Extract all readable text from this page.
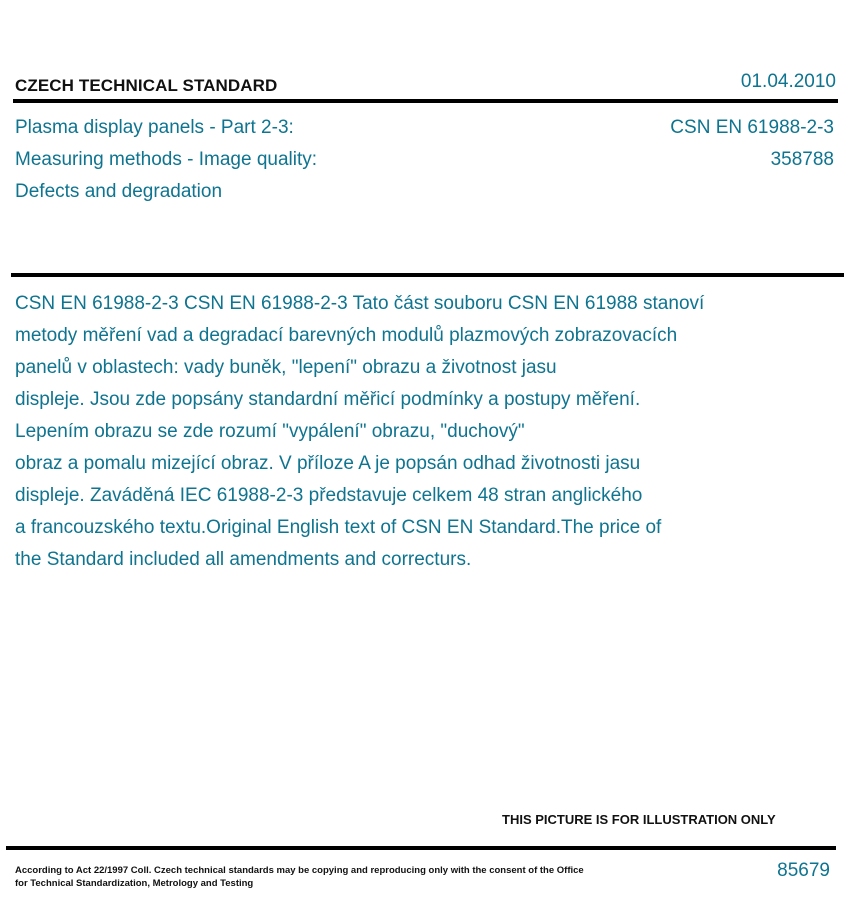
CZECH TECHNICAL STANDARD	01.04.2010
Plasma display panels - Part 2-3:
Measuring methods - Image quality:
Defects and degradation
CSN EN 61988-2-3
358788
CSN EN 61988-2-3 CSN EN 61988-2-3 Tato část souboru CSN EN 61988 stanoví
metody měření vad a degradací barevných modulů plazmových zobrazovacích
panelů v oblastech: vady buněk, "lepení" obrazu a životnost jasu
displeje. Jsou zde popsány standardní měřicí podmínky a postupy měření.
Lepením obrazu se zde rozumí "vypálení" obrazu, "duchový"
obraz a pomalu mizející obraz. V příloze A je popsán odhad životnosti jasu
displeje. Zaváděná IEC 61988-2-3 představuje celkem 48 stran anglického
a francouzského textu.Original English text of CSN EN Standard.The price of
the Standard included all amendments and correcturs.
THIS PICTURE IS FOR ILLUSTRATION ONLY
According to Act 22/1997 Coll. Czech technical standards may be copying and reproducing only with the consent of the Office
for Technical Standardization, Metrology and Testing
85679
